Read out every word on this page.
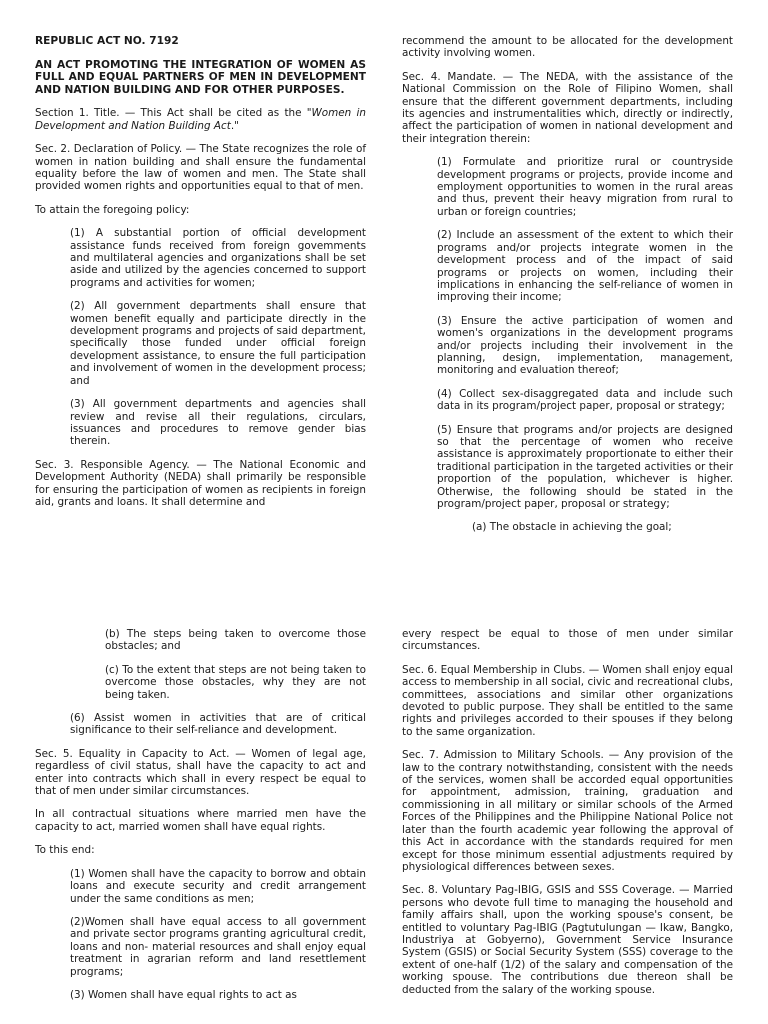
REPUBLIC ACT NO. 7192

AN ACT PROMOTING THE INTEGRATION OF WOMEN AS FULL AND EQUAL PARTNERS OF MEN IN DEVELOPMENT AND NATION BUILDING AND FOR OTHER PURPOSES.

Section 1. Title. — This Act shall be cited as the "Women in Development and Nation Building Act."

Sec. 2. Declaration of Policy. — The State recognizes the role of women in nation building and shall ensure the fundamental equality before the law of women and men. The State shall provided women rights and opportunities equal to that of men.

To attain the foregoing policy:

(1) A substantial portion of official development assistance funds received from foreign govemments and multilateral agencies and organizations shall be set aside and utilized by the agencies concerned to support programs and activities for women;

(2) All government departments shall ensure that women benefit equally and participate directly in the development programs and projects of said department, specifically those funded under official foreign development assistance, to ensure the full participation and involvement of women in the development process; and

(3) All government departments and agencies shall review and revise all their regulations, circulars, issuances and procedures to remove gender bias therein.

Sec. 3. Responsible Agency. — The National Economic and Development Authority (NEDA) shall primarily be responsible for ensuring the participation of women as recipients in foreign aid, grants and loans. It shall determine and

recommend the amount to be allocated for the development activity involving women.

Sec. 4. Mandate. — The NEDA, with the assistance of the National Commission on the Role of Filipino Women, shall ensure that the different government departments, including its agencies and instrumentalities which, directly or indirectly, affect the participation of women in national development and their integration therein:

(1) Formulate and prioritize rural or countryside development programs or projects, provide income and employment opportunities to women in the rural areas and thus, prevent their heavy migration from rural to urban or foreign countries;

(2) Include an assessment of the extent to which their programs and/or projects integrate women in the development process and of the impact of said programs or projects on women, including their implications in enhancing the self-reliance of women in improving their income;

(3) Ensure the active participation of women and women's organizations in the development programs and/or projects including their involvement in the planning, design, implementation, management, monitoring and evaluation thereof;

(4) Collect sex-disaggregated data and include such data in its program/project paper, proposal or strategy;

(5) Ensure that programs and/or projects are designed so that the percentage of women who receive assistance is approximately proportionate to either their traditional participation in the targeted activities or their proportion of the population, whichever is higher. Otherwise, the following should be stated in the program/project paper, proposal or strategy;

(a) The obstacle in achieving the goal;

(b) The steps being taken to overcome those obstacles; and

(c) To the extent that steps are not being taken to overcome those obstacles, why they are not being taken.

(6) Assist women in activities that are of critical significance to their self-reliance and development.

Sec. 5. Equality in Capacity to Act. — Women of legal age, regardless of civil status, shall have the capacity to act and enter into contracts which shall in every respect be equal to that of men under similar circumstances.

In all contractual situations where married men have the capacity to act, married women shall have equal rights.

To this end:

(1) Women shall have the capacity to borrow and obtain loans and execute security and credit arrangement under the same conditions as men;

(2)Women shall have equal access to all government and private sector programs granting agricultural credit, loans and non- material resources and shall enjoy equal treatment in agrarian reform and land resettlement programs;

(3) Women shall have equal rights to act as

every respect be equal to those of men under similar circumstances.

Sec. 6. Equal Membership in Clubs. — Women shall enjoy equal access to membership in all social, civic and recreational clubs, committees, associations and similar other organizations devoted to public purpose. They shall be entitled to the same rights and privileges accorded to their spouses if they belong to the same organization.

Sec. 7. Admission to Military Schools. — Any provision of the law to the contrary notwithstanding, consistent with the needs of the services, women shall be accorded equal opportunities for appointment, admission, training, graduation and commissioning in all military or similar schools of the Armed Forces of the Philippines and the Philippine National Police not later than the fourth academic year following the approval of this Act in accordance with the standards required for men except for those minimum essential adjustments required by physiological differences between sexes.

Sec. 8. Voluntary Pag-IBIG, GSIS and SSS Coverage. — Married persons who devote full time to managing the household and family affairs shall, upon the working spouse's consent, be entitled to voluntary Pag-IBIG (Pagtutulungan — Ikaw, Bangko, Industriya at Gobyerno), Government Service Insurance System (GSIS) or Social Security System (SSS) coverage to the extent of one-half (1/2) of the salary and compensation of the working spouse. The contributions due thereon shall be deducted from the salary of the working spouse.
